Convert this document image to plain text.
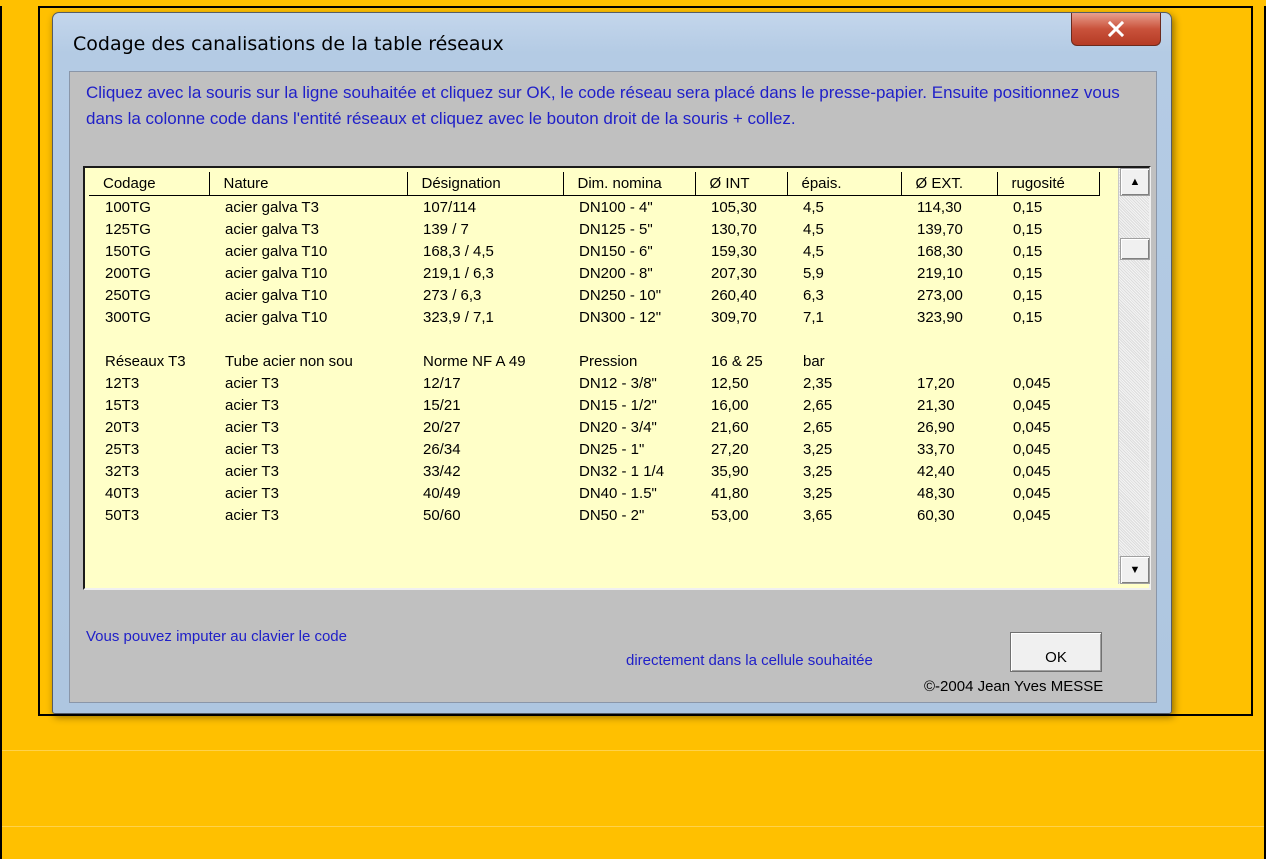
Codage des canalisations de la table réseaux
Cliquez avec la souris sur la ligne souhaitée et cliquez sur OK, le code réseau sera placé dans le presse-papier. Ensuite positionnez vous dans la colonne code dans l'entité réseaux et cliquez avec le bouton droit de la souris + collez.
Codage	Nature	Désignation	Dim. nomina	Ø INT	épais.	Ø EXT.	rugosité
100TG	acier galva T3	107/114	DN100 - 4"	105,30	4,5	114,30	0,15
125TG	acier galva T3	139 / 7	DN125 - 5"	130,70	4,5	139,70	0,15
150TG	acier galva T10	168,3 / 4,5	DN150 - 6"	159,30	4,5	168,30	0,15
200TG	acier galva T10	219,1 / 6,3	DN200 - 8"	207,30	5,9	219,10	0,15
250TG	acier galva T10	273 / 6,3	DN250 - 10"	260,40	6,3	273,00	0,15
300TG	acier galva T10	323,9 / 7,1	DN300 - 12"	309,70	7,1	323,90	0,15

Réseaux T3	Tube acier non sou	Norme NF A 49	Pression	16 & 25	bar		
12T3	acier T3	12/17	DN12 - 3/8"	12,50	2,35	17,20	0,045
15T3	acier T3	15/21	DN15 - 1/2"	16,00	2,65	21,30	0,045
20T3	acier T3	20/27	DN20 - 3/4"	21,60	2,65	26,90	0,045
25T3	acier T3	26/34	DN25 - 1"	27,20	3,25	33,70	0,045
32T3	acier T3	33/42	DN32 - 1 1/4	35,90	3,25	42,40	0,045
40T3	acier T3	40/49	DN40 - 1.5"	41,80	3,25	48,30	0,045
50T3	acier T3	50/60	DN50 - 2"	53,00	3,65	60,30	0,045
▲
▼
Vous pouvez imputer au clavier le code
directement dans la cellule souhaitée	OK
©-2004 Jean Yves MESSE
